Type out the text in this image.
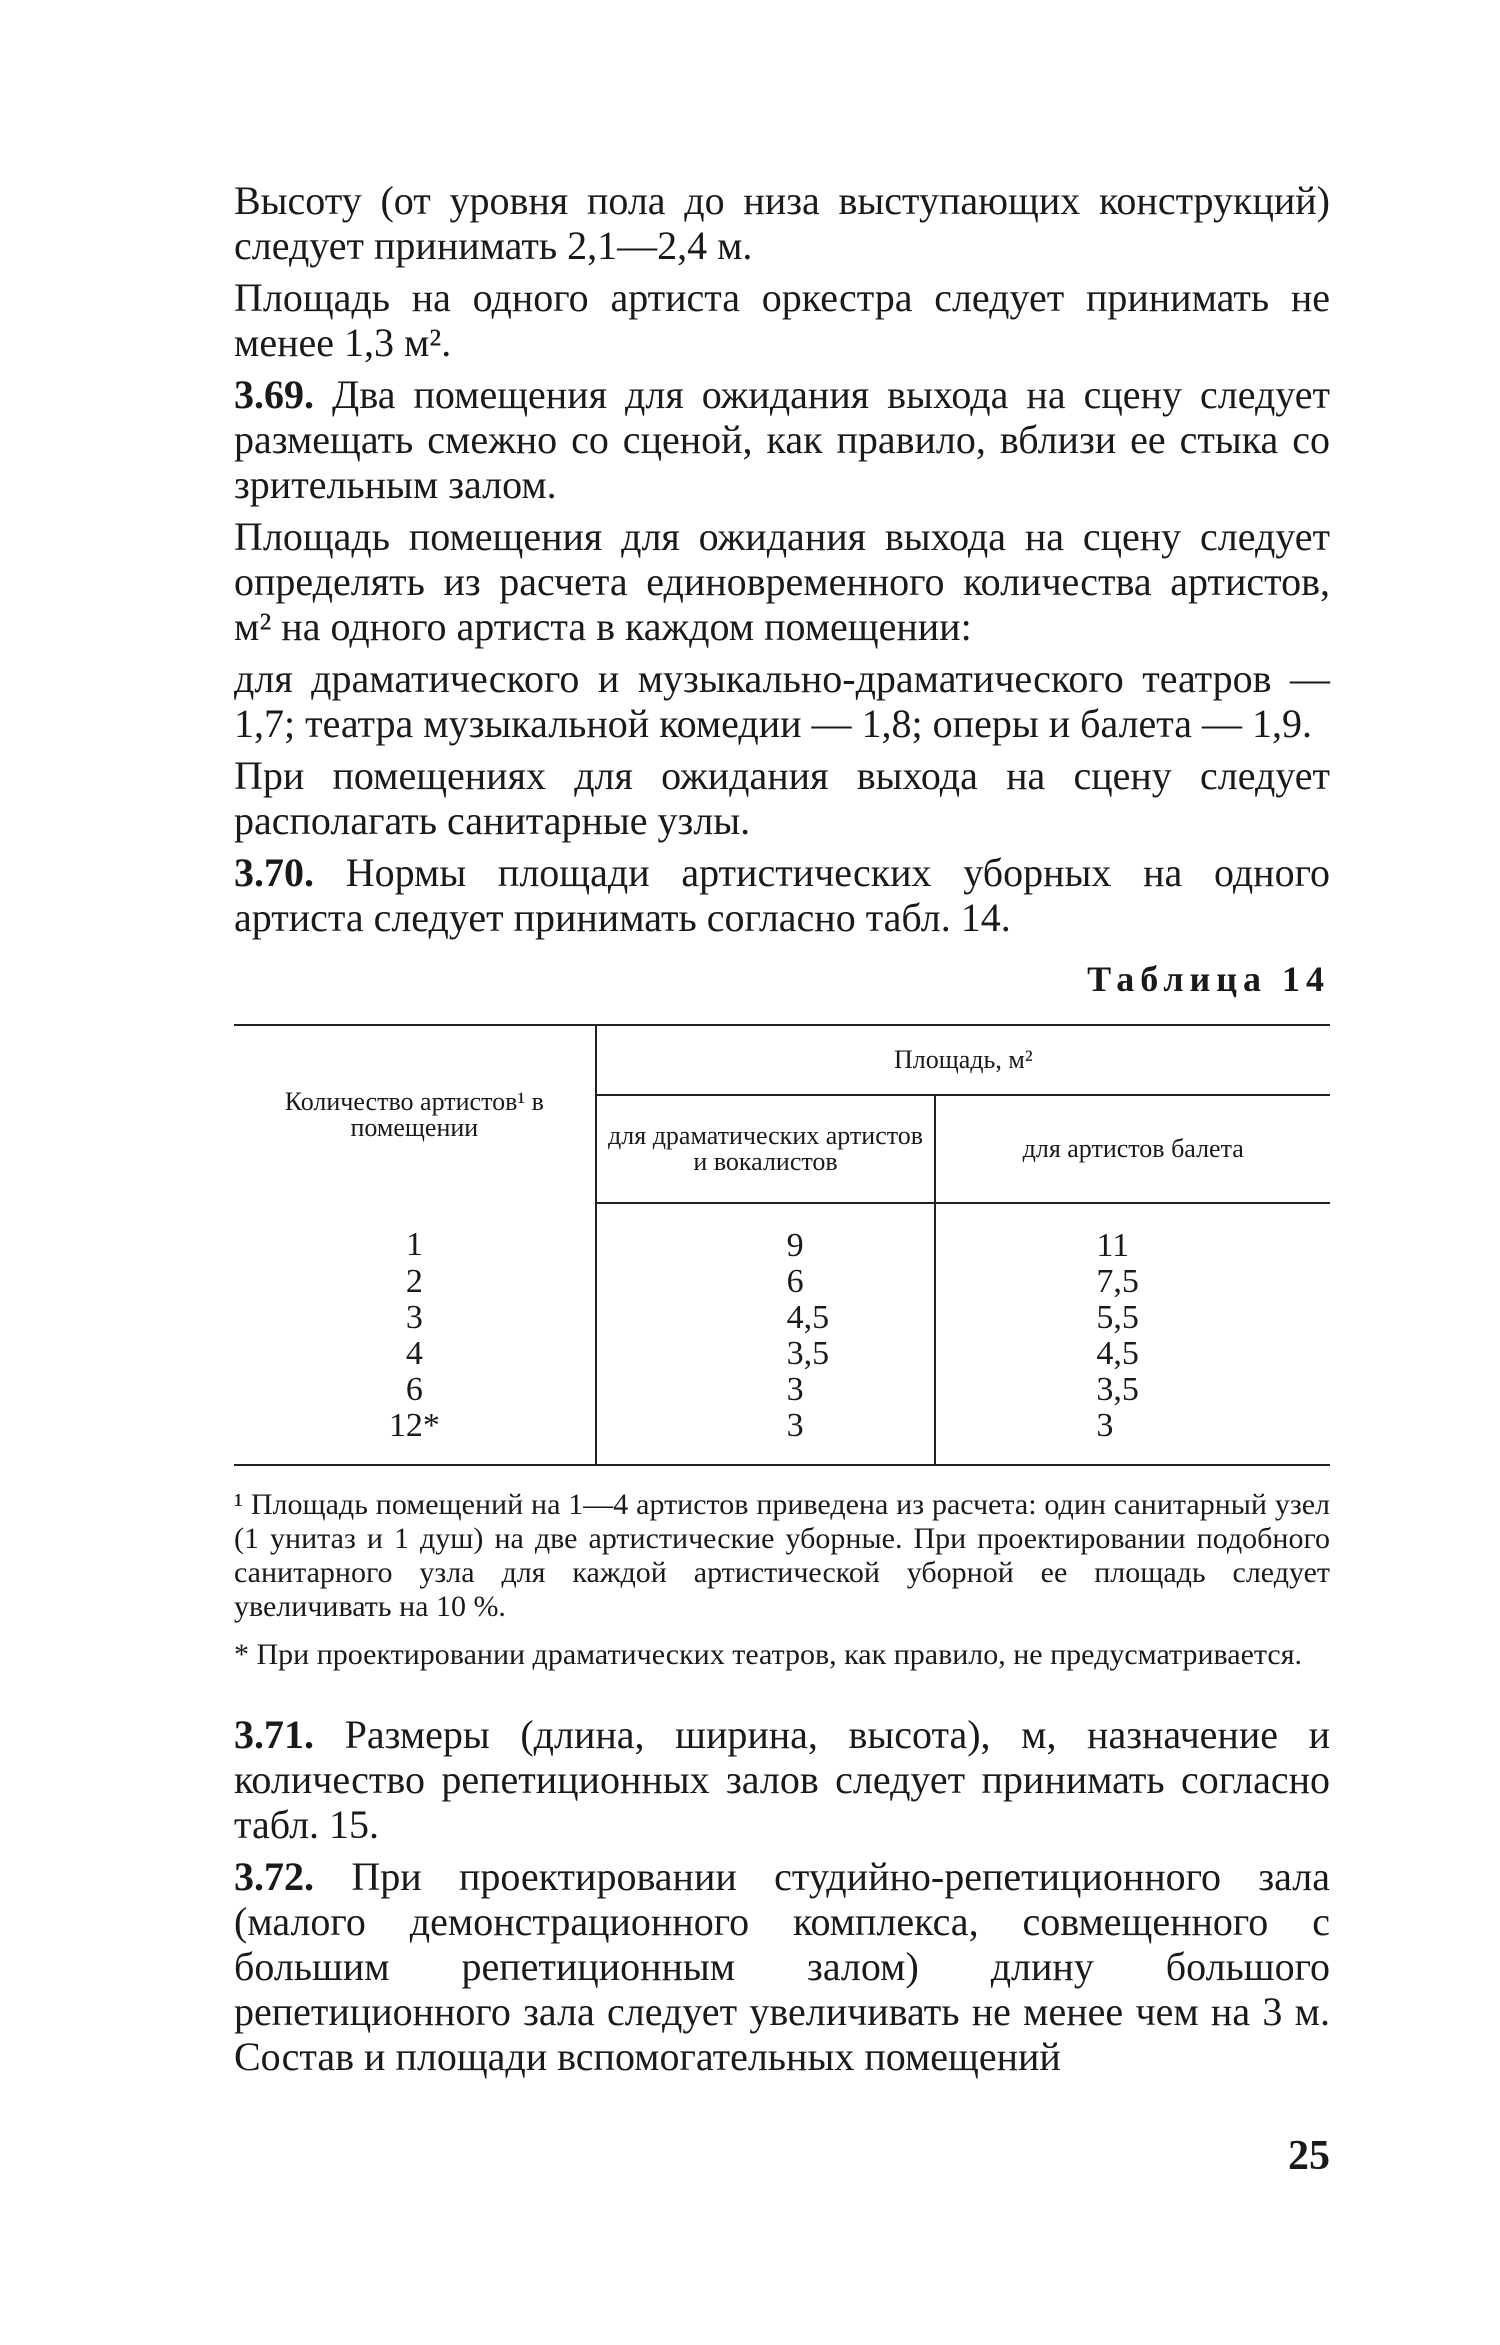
Высоту (от уровня пола до низа выступающих конструкций) следует принимать 2,1—2,4 м.

Площадь на одного артиста оркестра следует принимать не менее 1,3 м².

3.69. Два помещения для ожидания выхода на сцену следует размещать смежно со сценой, как правило, вблизи ее стыка со зрительным залом.

Площадь помещения для ожидания выхода на сцену следует определять из расчета единовременного количества артистов, м² на одного артиста в каждом помещении:

для драматического и музыкально-драматического театров — 1,7; театра музыкальной комедии — 1,8; оперы и балета — 1,9.

При помещениях для ожидания выхода на сцену следует располагать санитарные узлы.

3.70. Нормы площади артистических уборных на одного артиста следует принимать согласно табл. 14.

Таблица 14
Количество артистов¹ в помещении	Площадь, м²	
	для драматических артистов и вокалистов	для артистов балета
1	9	11
2	6	7,5
3	4,5	5,5
4	3,5	4,5
6	3	3,5
12*	3	3

¹ Площадь помещений на 1—4 артистов приведена из расчета: один санитарный узел (1 унитаз и 1 душ) на две артистические уборные. При проектировании подобного санитарного узла для каждой артистической уборной ее площадь следует увеличивать на 10 %.

* При проектировании драматических театров, как правило, не предусматривается.

3.71. Размеры (длина, ширина, высота), м, назначение и количество репетиционных залов следует принимать согласно табл. 15.

3.72. При проектировании студийно-репетиционного зала (малого демонстрационного комплекса, совмещенного с большим репетиционным залом) длину большого репетиционного зала следует увеличивать не менее чем на 3 м. Состав и площади вспомогательных помещений

25
